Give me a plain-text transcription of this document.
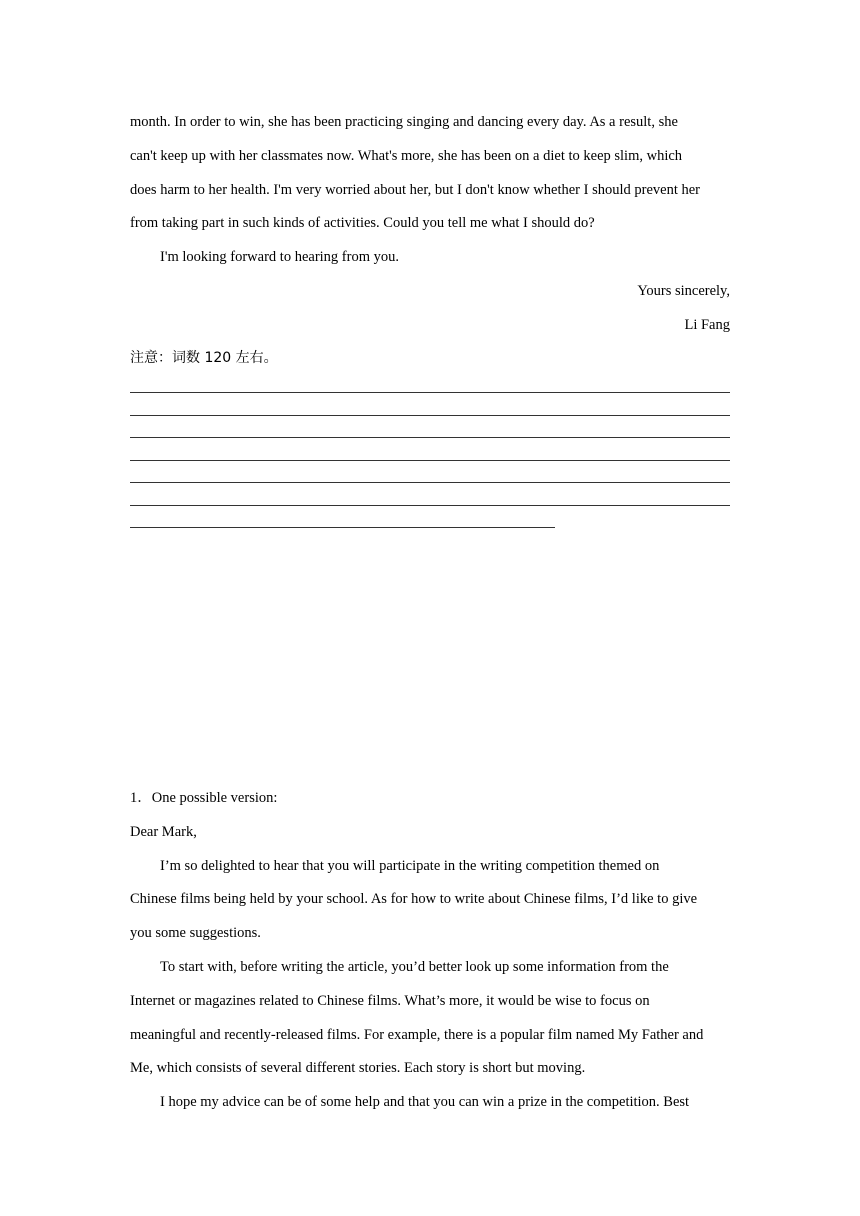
month. In order to win, she has been practicing singing and dancing every day. As a result, she
can't keep up with her classmates now. What's more, she has been on a diet to keep slim, which
does harm to her health. I'm very worried about her, but I don't know whether I should prevent her
from taking part in such kinds of activities. Could you tell me what I should do?
I'm looking forward to hearing from you.
Yours sincerely,
Li Fang
注意：词数 120 左右。
1．One possible version:
Dear Mark,
I’m so delighted to hear that you will participate in the writing competition themed on
Chinese films being held by your school. As for how to write about Chinese films, I’d like to give
you some suggestions.
To start with, before writing the article, you’d better look up some information from the
Internet or magazines related to Chinese films. What’s more, it would be wise to focus on
meaningful and recently-released films. For example, there is a popular film named My Father and
Me, which consists of several different stories. Each story is short but moving.
I hope my advice can be of some help and that you can win a prize in the competition. Best
